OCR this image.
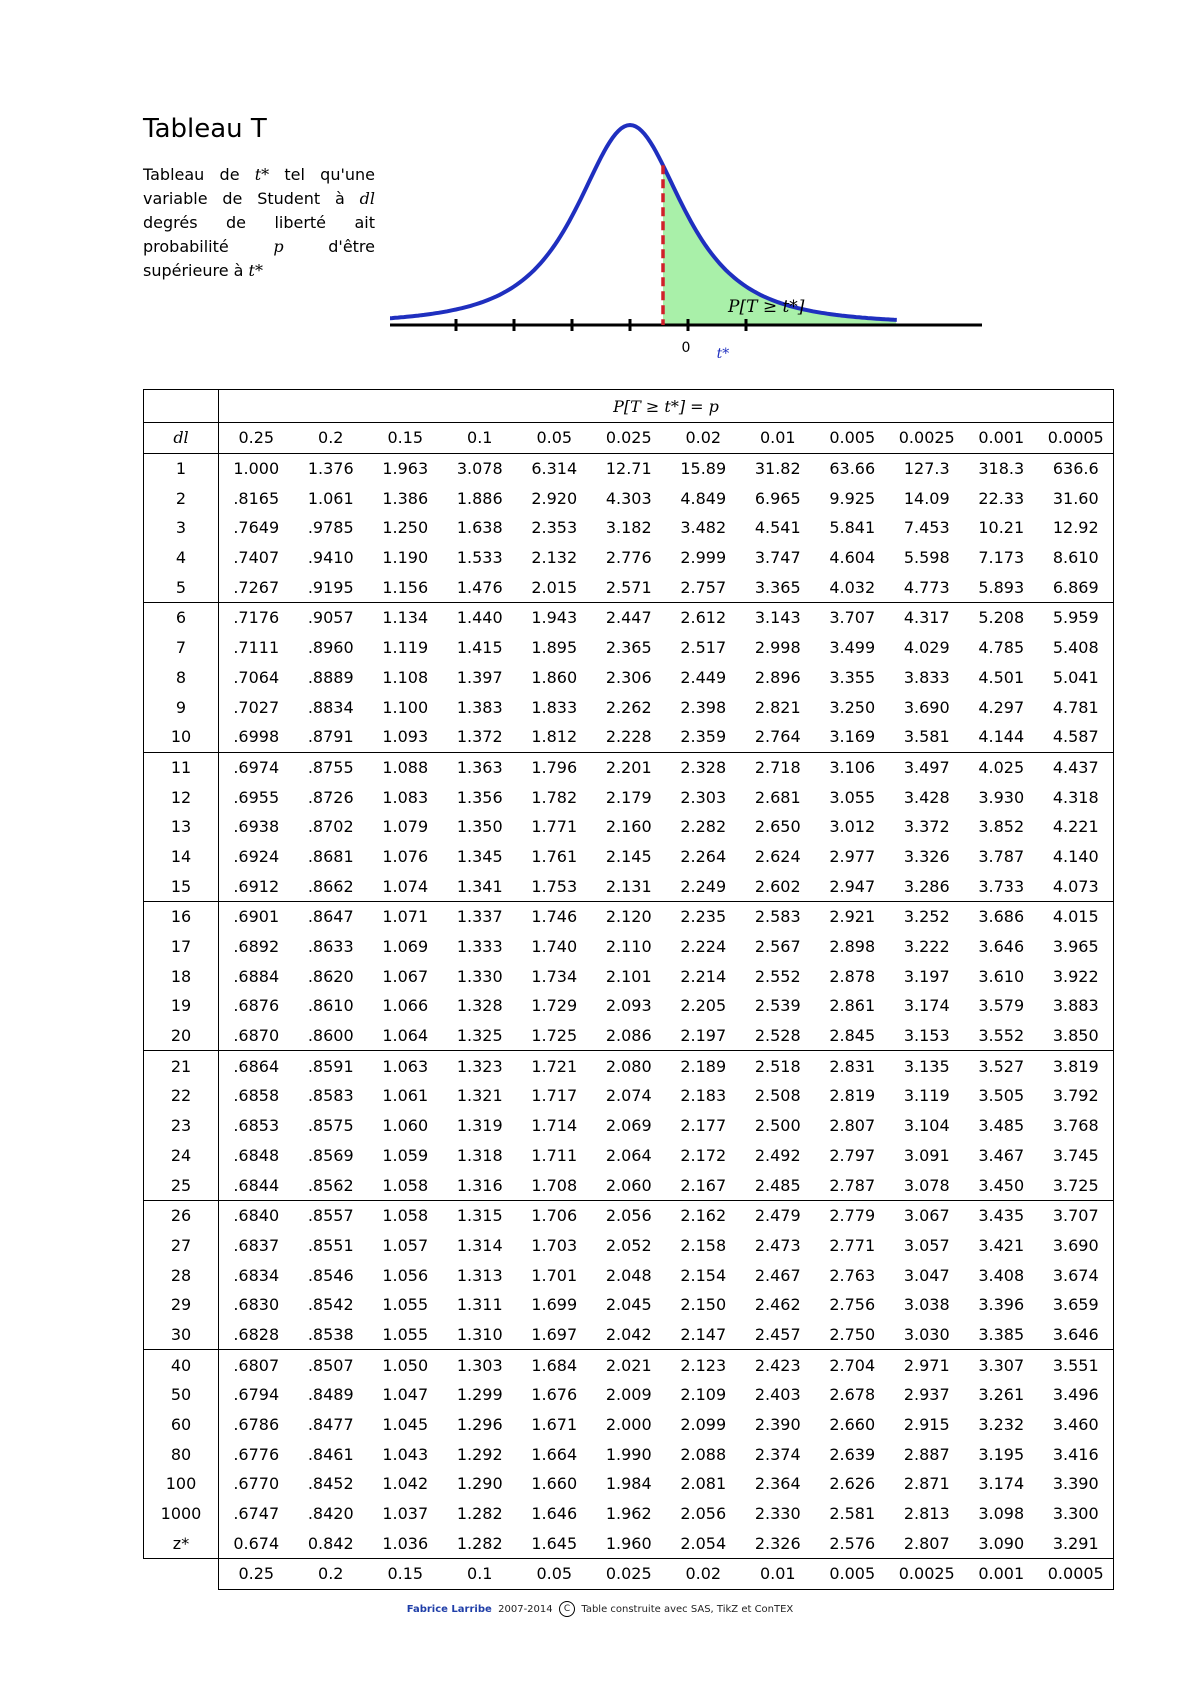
Tableau T
Tableau de t* tel qu'une variable de Student à dl degrés de liberté ait probabilité p d'être supérieure à t*
0 t*
P[T ≥ t*]
	P[T ≥ t*] = p											
dl	0.25	0.2	0.15	0.1	0.05	0.025	0.02	0.01	0.005	0.0025	0.001	0.0005
1	1.000	1.376	1.963	3.078	6.314	12.71	15.89	31.82	63.66	127.3	318.3	636.6
2	.8165	1.061	1.386	1.886	2.920	4.303	4.849	6.965	9.925	14.09	22.33	31.60
3	.7649	.9785	1.250	1.638	2.353	3.182	3.482	4.541	5.841	7.453	10.21	12.92
4	.7407	.9410	1.190	1.533	2.132	2.776	2.999	3.747	4.604	5.598	7.173	8.610
5	.7267	.9195	1.156	1.476	2.015	2.571	2.757	3.365	4.032	4.773	5.893	6.869
6	.7176	.9057	1.134	1.440	1.943	2.447	2.612	3.143	3.707	4.317	5.208	5.959
7	.7111	.8960	1.119	1.415	1.895	2.365	2.517	2.998	3.499	4.029	4.785	5.408
8	.7064	.8889	1.108	1.397	1.860	2.306	2.449	2.896	3.355	3.833	4.501	5.041
9	.7027	.8834	1.100	1.383	1.833	2.262	2.398	2.821	3.250	3.690	4.297	4.781
10	.6998	.8791	1.093	1.372	1.812	2.228	2.359	2.764	3.169	3.581	4.144	4.587
11	.6974	.8755	1.088	1.363	1.796	2.201	2.328	2.718	3.106	3.497	4.025	4.437
12	.6955	.8726	1.083	1.356	1.782	2.179	2.303	2.681	3.055	3.428	3.930	4.318
13	.6938	.8702	1.079	1.350	1.771	2.160	2.282	2.650	3.012	3.372	3.852	4.221
14	.6924	.8681	1.076	1.345	1.761	2.145	2.264	2.624	2.977	3.326	3.787	4.140
15	.6912	.8662	1.074	1.341	1.753	2.131	2.249	2.602	2.947	3.286	3.733	4.073
16	.6901	.8647	1.071	1.337	1.746	2.120	2.235	2.583	2.921	3.252	3.686	4.015
17	.6892	.8633	1.069	1.333	1.740	2.110	2.224	2.567	2.898	3.222	3.646	3.965
18	.6884	.8620	1.067	1.330	1.734	2.101	2.214	2.552	2.878	3.197	3.610	3.922
19	.6876	.8610	1.066	1.328	1.729	2.093	2.205	2.539	2.861	3.174	3.579	3.883
20	.6870	.8600	1.064	1.325	1.725	2.086	2.197	2.528	2.845	3.153	3.552	3.850
21	.6864	.8591	1.063	1.323	1.721	2.080	2.189	2.518	2.831	3.135	3.527	3.819
22	.6858	.8583	1.061	1.321	1.717	2.074	2.183	2.508	2.819	3.119	3.505	3.792
23	.6853	.8575	1.060	1.319	1.714	2.069	2.177	2.500	2.807	3.104	3.485	3.768
24	.6848	.8569	1.059	1.318	1.711	2.064	2.172	2.492	2.797	3.091	3.467	3.745
25	.6844	.8562	1.058	1.316	1.708	2.060	2.167	2.485	2.787	3.078	3.450	3.725
26	.6840	.8557	1.058	1.315	1.706	2.056	2.162	2.479	2.779	3.067	3.435	3.707
27	.6837	.8551	1.057	1.314	1.703	2.052	2.158	2.473	2.771	3.057	3.421	3.690
28	.6834	.8546	1.056	1.313	1.701	2.048	2.154	2.467	2.763	3.047	3.408	3.674
29	.6830	.8542	1.055	1.311	1.699	2.045	2.150	2.462	2.756	3.038	3.396	3.659
30	.6828	.8538	1.055	1.310	1.697	2.042	2.147	2.457	2.750	3.030	3.385	3.646
40	.6807	.8507	1.050	1.303	1.684	2.021	2.123	2.423	2.704	2.971	3.307	3.551
50	.6794	.8489	1.047	1.299	1.676	2.009	2.109	2.403	2.678	2.937	3.261	3.496
60	.6786	.8477	1.045	1.296	1.671	2.000	2.099	2.390	2.660	2.915	3.232	3.460
80	.6776	.8461	1.043	1.292	1.664	1.990	2.088	2.374	2.639	2.887	3.195	3.416
100	.6770	.8452	1.042	1.290	1.660	1.984	2.081	2.364	2.626	2.871	3.174	3.390
1000	.6747	.8420	1.037	1.282	1.646	1.962	2.056	2.330	2.581	2.813	3.098	3.300
z*	0.674	0.842	1.036	1.282	1.645	1.960	2.054	2.326	2.576	2.807	3.090	3.291
	0.25	0.2	0.15	0.1	0.05	0.025	0.02	0.01	0.005	0.0025	0.001	0.0005
Fabrice Larribe 2007-2014 C Table construite avec SAS, TikZ et ConTEX
